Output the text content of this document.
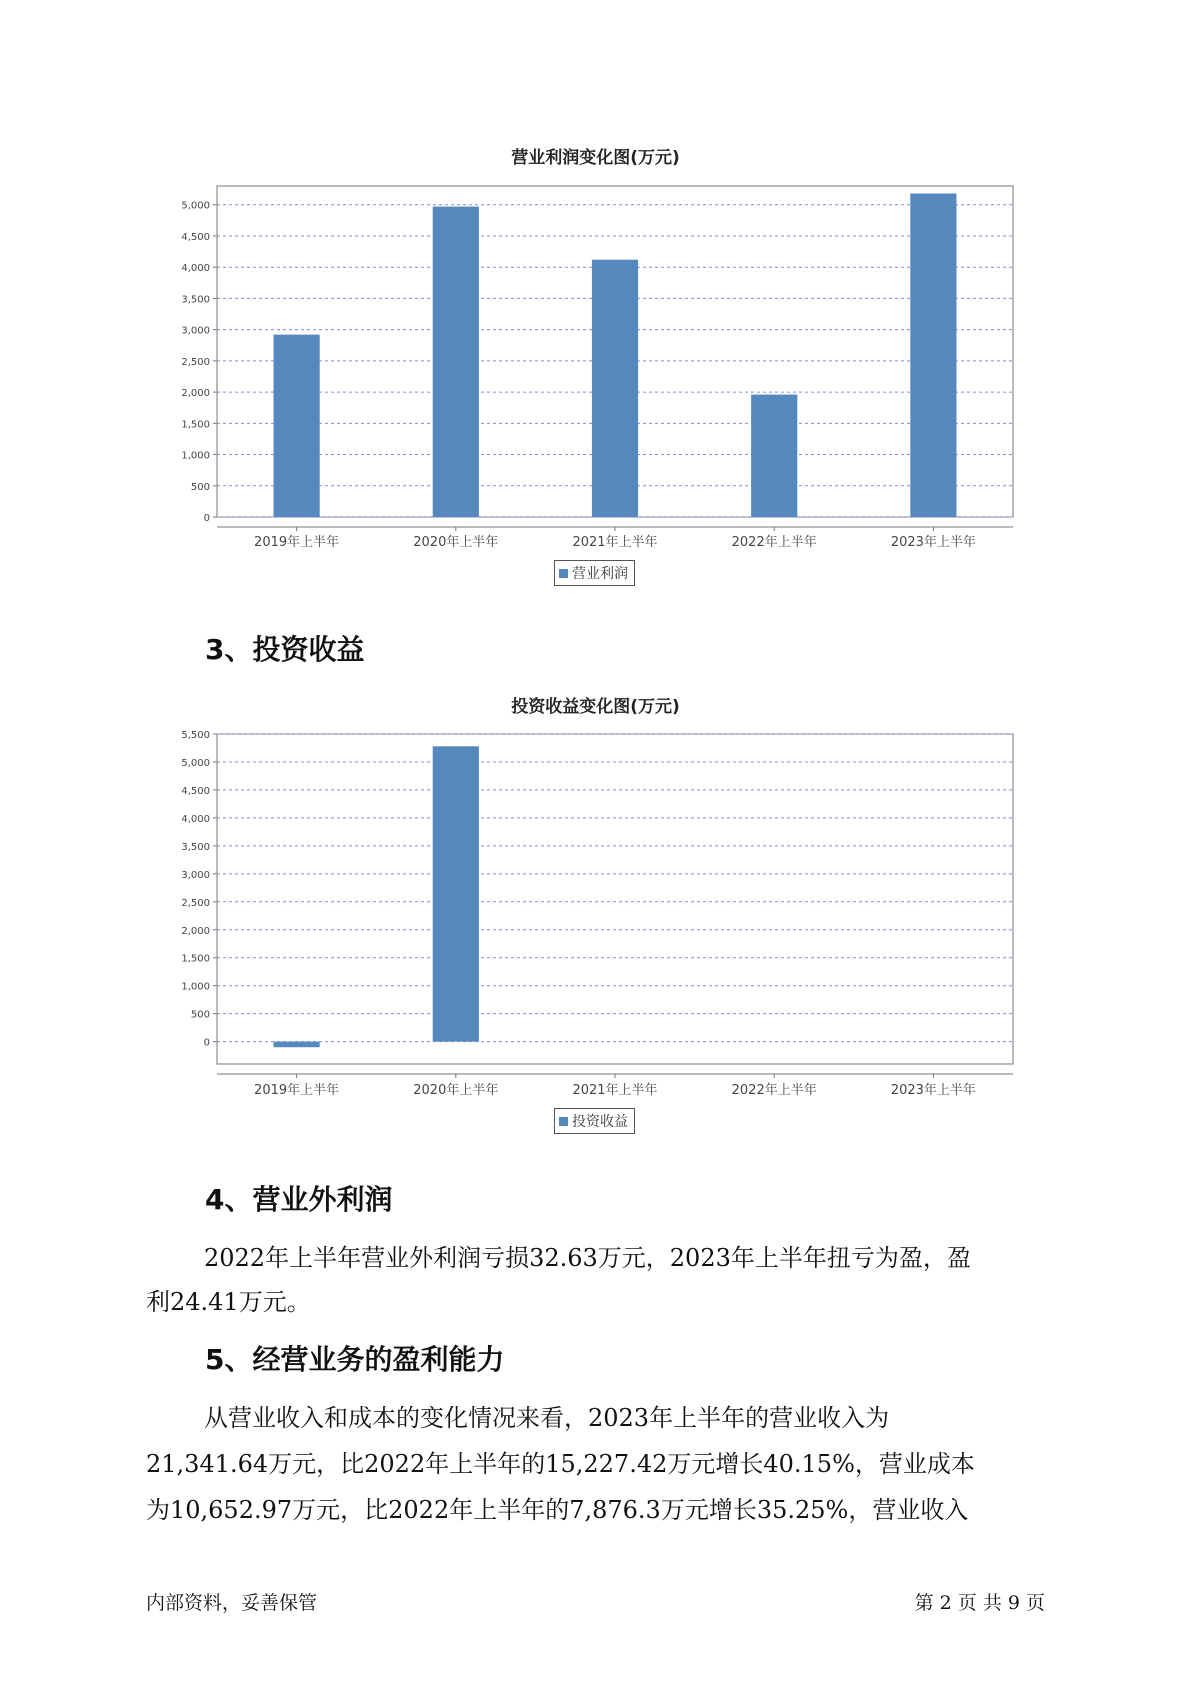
营业利润变化图(万元)
0
500
1,000
1,500
2,000
2,500
3,000
3,500
4,000
4,500
5,000
2019年上半年	2020年上半年	2021年上半年	2022年上半年	2023年上半年
营业利润
3、投资收益
投资收益变化图(万元)
0
500
1,000
1,500
2,000
2,500
3,000
3,500
4,000
4,500
5,000
5,500
2019年上半年	2020年上半年	2021年上半年	2022年上半年	2023年上半年
投资收益
4、营业外利润
2022年上半年营业外利润亏损32.63万元，2023年上半年扭亏为盈，盈
利24.41万元。
5、经营业务的盈利能力
从营业收入和成本的变化情况来看，2023年上半年的营业收入为
21,341.64万元，比2022年上半年的15,227.42万元增长40.15%，营业成本
为10,652.97万元，比2022年上半年的7,876.3万元增长35.25%，营业收入
内部资料，妥善保管	第 2 页 共 9 页
